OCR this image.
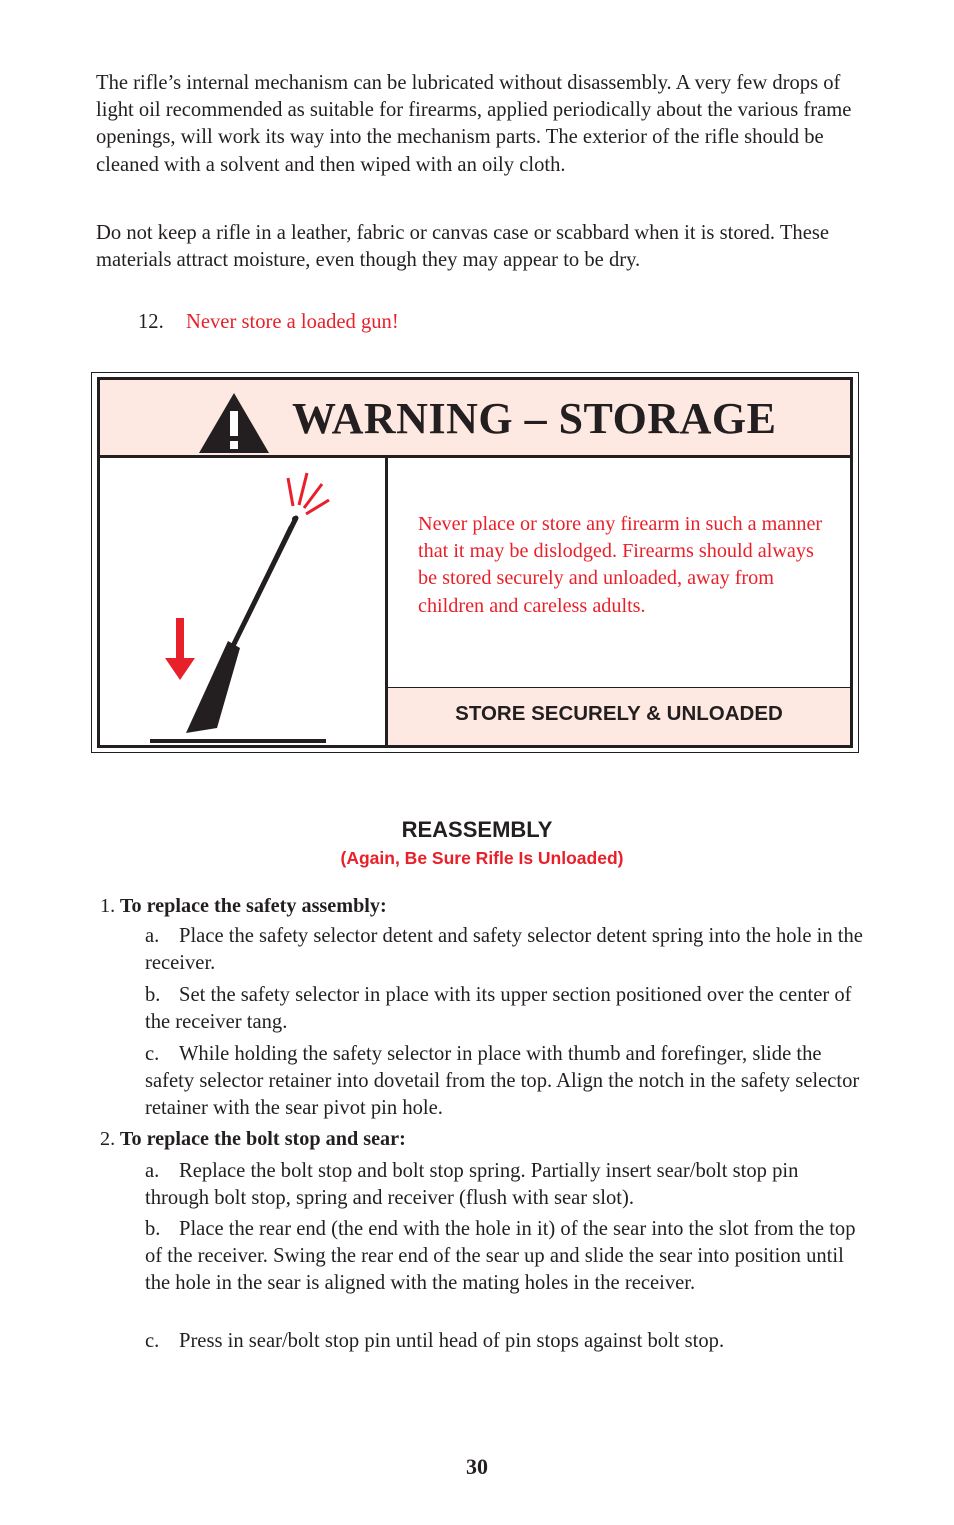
The rifle’s internal mechanism can be lubricated without disassembly. A very few drops of light oil recommended as suitable for firearms, applied periodically about the various frame openings, will work its way into the mechanism parts. The exterior of the rifle should be cleaned with a solvent and then wiped with an oily cloth.

Do not keep a rifle in a leather, fabric or canvas case or scabbard when it is stored. These materials attract moisture, even though they may appear to be dry.

12. Never store a loaded gun!
WARNING – STORAGE
Never place or store any firearm in such a manner that it may be dislodged. Firearms should always be stored securely and unloaded, away from children and careless adults.
STORE SECURELY & UNLOADED
REASSEMBLY
(Again, Be Sure Rifle Is Unloaded)
1. To replace the safety assembly:

a. Place the safety selector detent and safety selector detent spring into the hole in the receiver.

b. Set the safety selector in place with its upper section positioned over the center of the receiver tang.

c. While holding the safety selector in place with thumb and forefinger, slide the safety selector retainer into dovetail from the top. Align the notch in the safety selector retainer with the sear pivot pin hole.

2. To replace the bolt stop and sear:

a. Replace the bolt stop and bolt stop spring. Partially insert sear/bolt stop pin through bolt stop, spring and receiver (flush with sear slot).

b. Place the rear end (the end with the hole in it) of the sear into the slot from the top of the receiver. Swing the rear end of the sear up and slide the sear into position until the hole in the sear is aligned with the mating holes in the receiver.

c. Press in sear/bolt stop pin until head of pin stops against bolt stop.

30
